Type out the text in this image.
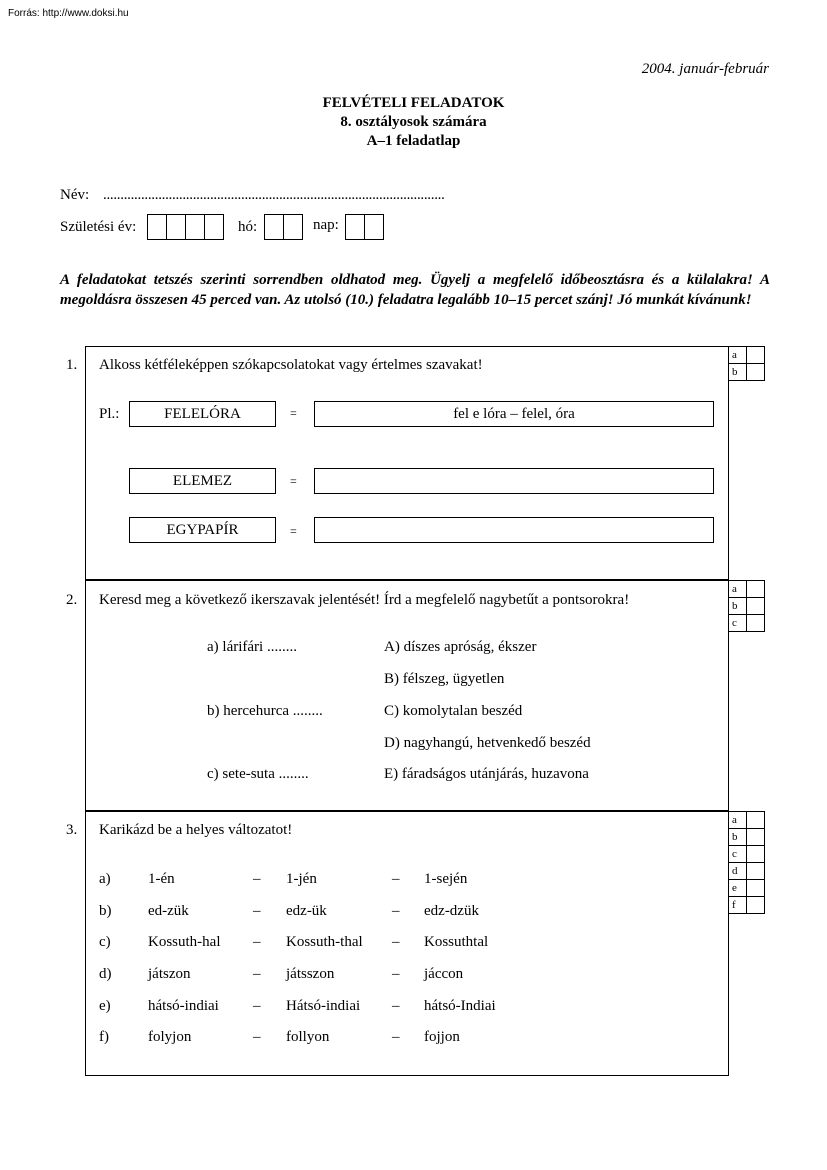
Forrás: http://www.doksi.hu
2004. január-február
FELVÉTELI FELADATOK
8. osztályosok számára
A–1 feladatlap
Név: ...................................................................................................
Születési év:	hó:	nap:
A feladatokat tetszés szerinti sorrendben oldhatod meg. Ügyelj a megfelelő időbeosztásra és a külalakra! A megoldásra összesen 45 perced van. Az utolsó (10.) feladatra legalább 10–15 percet szánj! Jó munkát kívánunk!
1. Alkoss kétféleképpen szókapcsolatokat vagy értelmes szavakat!
a
b
Pl.:	FELELÓRA	=	fel e lóra – felel, óra
ELEMEZ	=
EGYPAPÍR	=
2. Keresd meg a következő ikerszavak jelentését! Írd a megfelelő nagybetűt a pontsorokra!
a
b
c
a) lárifári ........
b) hercehurca ........
c) sete-suta ........
A) díszes apróság, ékszer
B) félszeg, ügyetlen
C) komolytalan beszéd
D) nagyhangú, hetvenkedő beszéd
E) fáradságos utánjárás, huzavona
3. Karikázd be a helyes változatot!
a
b
c
d
e
f
a) 1-én	– 1-jén	– 1-sején
b) ed-zük	– edz-ük	– edz-dzük
c) Kossuth-hal – Kossuth-thal – Kossuthtal
d) játszon	– játsszon	– jáccon
e) hátsó-indiai – Hátsó-indiai – hátsó-Indiai
f)	folyjon	– follyon	– fojjon
